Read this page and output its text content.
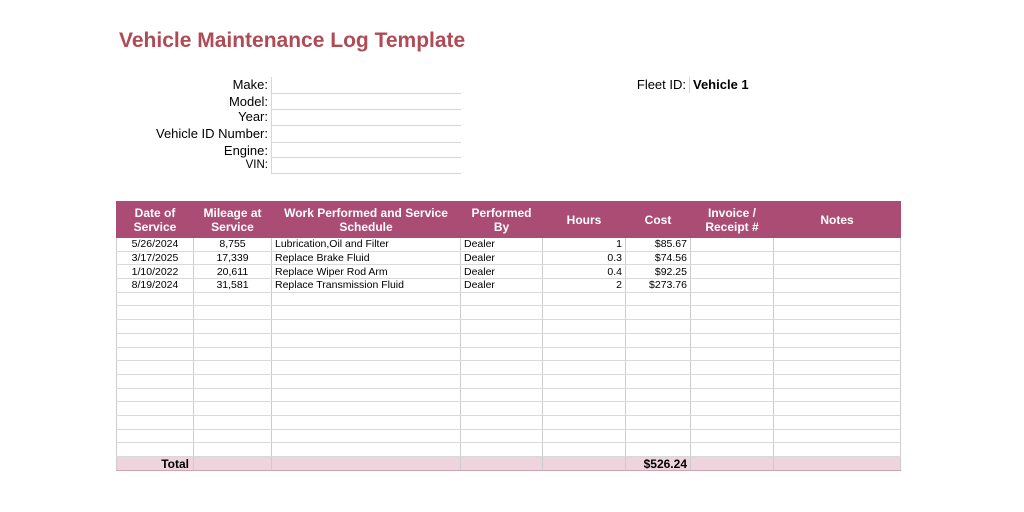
Vehicle Maintenance Log Template
Make:
Model:
Year:
Vehicle ID Number:
Engine:
VIN:
Fleet ID: Vehicle 1
Date of Service	Mileage at Service	Work Performed and Service Schedule	Performed By	Hours	Cost	Invoice / Receipt #	Notes
5/26/2024	8,755	Lubrication,Oil and Filter	Dealer	1	$85.67		
3/17/2025	17,339	Replace Brake Fluid	Dealer	0.3	$74.56		
1/10/2022	20,611	Replace Wiper Rod Arm	Dealer	0.4	$92.25		
8/19/2024	31,581	Replace Transmission Fluid	Dealer	2	$273.76		

Total					$526.24		
